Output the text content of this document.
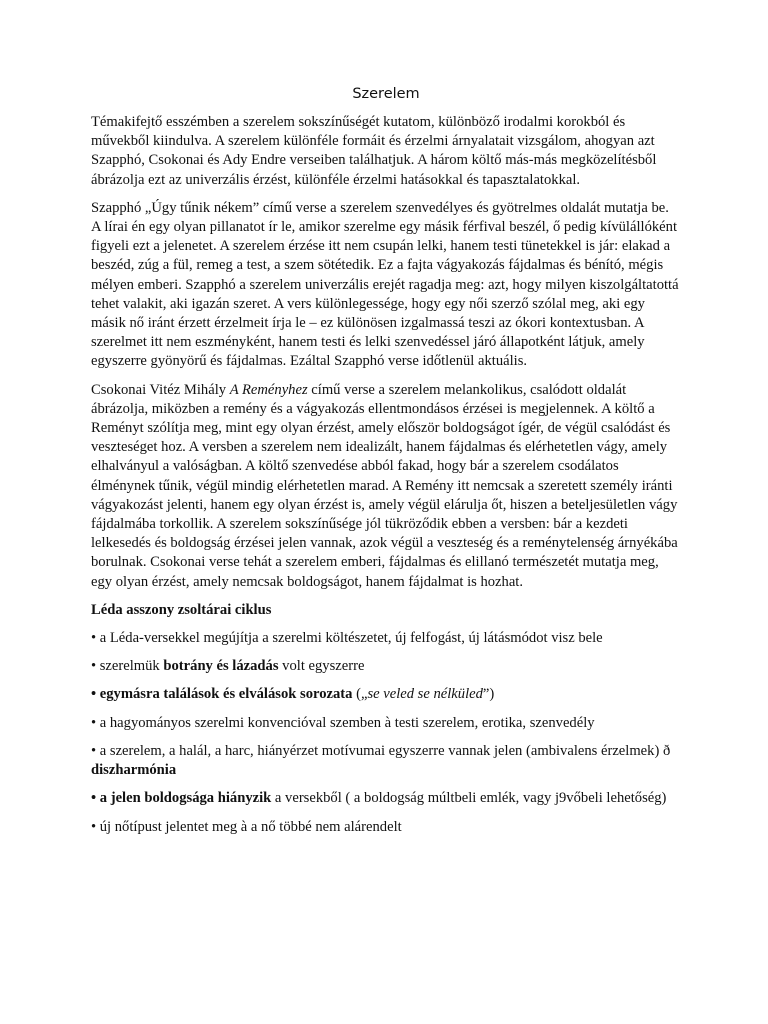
Szerelem

Témakifejtő esszémben a szerelem sokszínűségét kutatom, különböző irodalmi korokból és művekből kiindulva. A szerelem különféle formáit és érzelmi árnyalatait vizsgálom, ahogyan azt Szapphó, Csokonai és Ady Endre verseiben találhatjuk. A három költő más-más megközelítésből ábrázolja ezt az univerzális érzést, különféle érzelmi hatásokkal és tapasztalatokkal.

Szapphó „Úgy tűnik nékem” című verse a szerelem szenvedélyes és gyötrelmes oldalát mutatja be. A lírai én egy olyan pillanatot ír le, amikor szerelme egy másik férfival beszél, ő pedig kívülállóként figyeli ezt a jelenetet. A szerelem érzése itt nem csupán lelki, hanem testi tünetekkel is jár: elakad a beszéd, zúg a fül, remeg a test, a szem sötétedik. Ez a fajta vágyakozás fájdalmas és bénító, mégis mélyen emberi. Szapphó a szerelem univerzális erejét ragadja meg: azt, hogy milyen kiszolgáltatottá tehet valakit, aki igazán szeret. A vers különlegessége, hogy egy női szerző szólal meg, aki egy másik nő iránt érzett érzelmeit írja le – ez különösen izgalmassá teszi az ókori kontextusban. A szerelmet itt nem eszményként, hanem testi és lelki szenvedéssel járó állapotként látjuk, amely egyszerre gyönyörű és fájdalmas. Ezáltal Szapphó verse időtlenül aktuális.

Csokonai Vitéz Mihály A Reményhez című verse a szerelem melankolikus, csalódott oldalát ábrázolja, miközben a remény és a vágyakozás ellentmondásos érzései is megjelennek. A költő a Reményt szólítja meg, mint egy olyan érzést, amely először boldogságot ígér, de végül csalódást és veszteséget hoz. A versben a szerelem nem idealizált, hanem fájdalmas és elérhetetlen vágy, amely elhalványul a valóságban. A költő szenvedése abból fakad, hogy bár a szerelem csodálatos élménynek tűnik, végül mindig elérhetetlen marad. A Remény itt nemcsak a szeretett személy iránti vágyakozást jelenti, hanem egy olyan érzést is, amely végül elárulja őt, hiszen a beteljesületlen vágy fájdalmába torkollik. A szerelem sokszínűsége jól tükröződik ebben a versben: bár a kezdeti lelkesedés és boldogság érzései jelen vannak, azok végül a veszteség és a reménytelenség árnyékába borulnak. Csokonai verse tehát a szerelem emberi, fájdalmas és elillanó természetét mutatja meg, egy olyan érzést, amely nemcsak boldogságot, hanem fájdalmat is hozhat.

Léda asszony zsoltárai ciklus
• a Léda-versekkel megújítja a szerelmi költészetet, új felfogást, új látásmódot visz bele
• szerelmük botrány és lázadás volt egyszerre
• egymásra találások és elválások sorozata („se veled se nélküled”)
• a hagyományos szerelmi konvencióval szemben à testi szerelem, erotika, szenvedély
• a szerelem, a halál, a harc, hiányérzet motívumai egyszerre vannak jelen (ambivalens érzelmek) ð diszharmónia
• a jelen boldogsága hiányzik a versekből ( a boldogság múltbeli emlék, vagy j9vőbeli lehetőség)
• új nőtípust jelentet meg à a nő többé nem alárendelt
